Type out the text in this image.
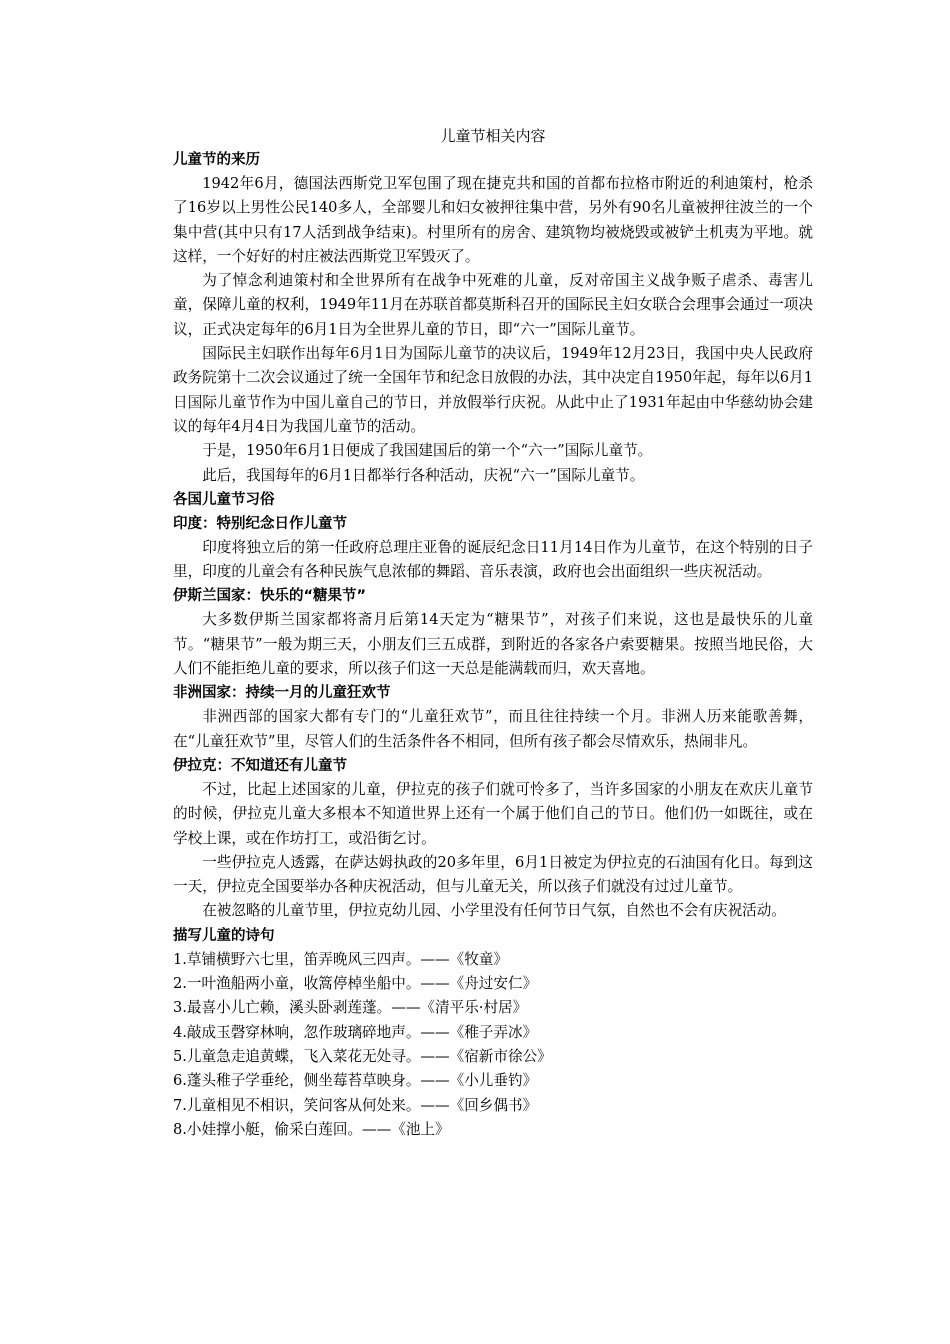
儿童节相关内容
儿童节的来历

1942年6月，德国法西斯党卫军包围了现在捷克共和国的首都布拉格市附近的利迪策村，枪杀了16岁以上男性公民140多人，全部婴儿和妇女被押往集中营，另外有90名儿童被押往波兰的一个集中营(其中只有17人活到战争结束)。村里所有的房舍、建筑物均被烧毁或被铲土机夷为平地。就这样，一个好好的村庄被法西斯党卫军毁灭了。

为了悼念利迪策村和全世界所有在战争中死难的儿童，反对帝国主义战争贩子虐杀、毒害儿童，保障儿童的权利，1949年11月在苏联首都莫斯科召开的国际民主妇女联合会理事会通过一项决议，正式决定每年的6月1日为全世界儿童的节日，即“六一”国际儿童节。

国际民主妇联作出每年6月1日为国际儿童节的决议后，1949年12月23日，我国中央人民政府政务院第十二次会议通过了统一全国年节和纪念日放假的办法，其中决定自1950年起，每年以6月1日国际儿童节作为中国儿童自己的节日，并放假举行庆祝。从此中止了1931年起由中华慈幼协会建议的每年4月4日为我国儿童节的活动。

于是，1950年6月1日便成了我国建国后的第一个“六一”国际儿童节。

此后，我国每年的6月1日都举行各种活动，庆祝“六一”国际儿童节。

各国儿童节习俗
印度：特别纪念日作儿童节

印度将独立后的第一任政府总理庄亚鲁的诞辰纪念日11月14日作为儿童节，在这个特别的日子里，印度的儿童会有各种民族气息浓郁的舞蹈、音乐表演，政府也会出面组织一些庆祝活动。

伊斯兰国家：快乐的“糖果节”

大多数伊斯兰国家都将斋月后第14天定为“糖果节”，对孩子们来说，这也是最快乐的儿童节。“糖果节”一般为期三天，小朋友们三五成群，到附近的各家各户索要糖果。按照当地民俗，大人们不能拒绝儿童的要求，所以孩子们这一天总是能满载而归，欢天喜地。

非洲国家：持续一月的儿童狂欢节

非洲西部的国家大都有专门的“儿童狂欢节”，而且往往持续一个月。非洲人历来能歌善舞，在“儿童狂欢节”里，尽管人们的生活条件各不相同，但所有孩子都会尽情欢乐，热闹非凡。

伊拉克：不知道还有儿童节

不过，比起上述国家的儿童，伊拉克的孩子们就可怜多了，当许多国家的小朋友在欢庆儿童节的时候，伊拉克儿童大多根本不知道世界上还有一个属于他们自己的节日。他们仍一如既往，或在学校上课，或在作坊打工，或沿街乞讨。

一些伊拉克人透露，在萨达姆执政的20多年里，6月1日被定为伊拉克的石油国有化日。每到这一天，伊拉克全国要举办各种庆祝活动，但与儿童无关，所以孩子们就没有过过儿童节。

在被忽略的儿童节里，伊拉克幼儿园、小学里没有任何节日气氛，自然也不会有庆祝活动。

描写儿童的诗句
1.草铺横野六七里，笛弄晚风三四声。——《牧童》
2.一叶渔船两小童，收篙停棹坐船中。——《舟过安仁》
3.最喜小儿亡赖，溪头卧剥莲蓬。——《清平乐·村居》
4.敲成玉磬穿林响，忽作玻璃碎地声。——《稚子弄冰》
5.儿童急走追黄蝶，飞入菜花无处寻。——《宿新市徐公》
6.蓬头稚子学垂纶，侧坐莓苔草映身。——《小儿垂钓》
7.儿童相见不相识，笑问客从何处来。——《回乡偶书》
8.小娃撑小艇，偷采白莲回。——《池上》
